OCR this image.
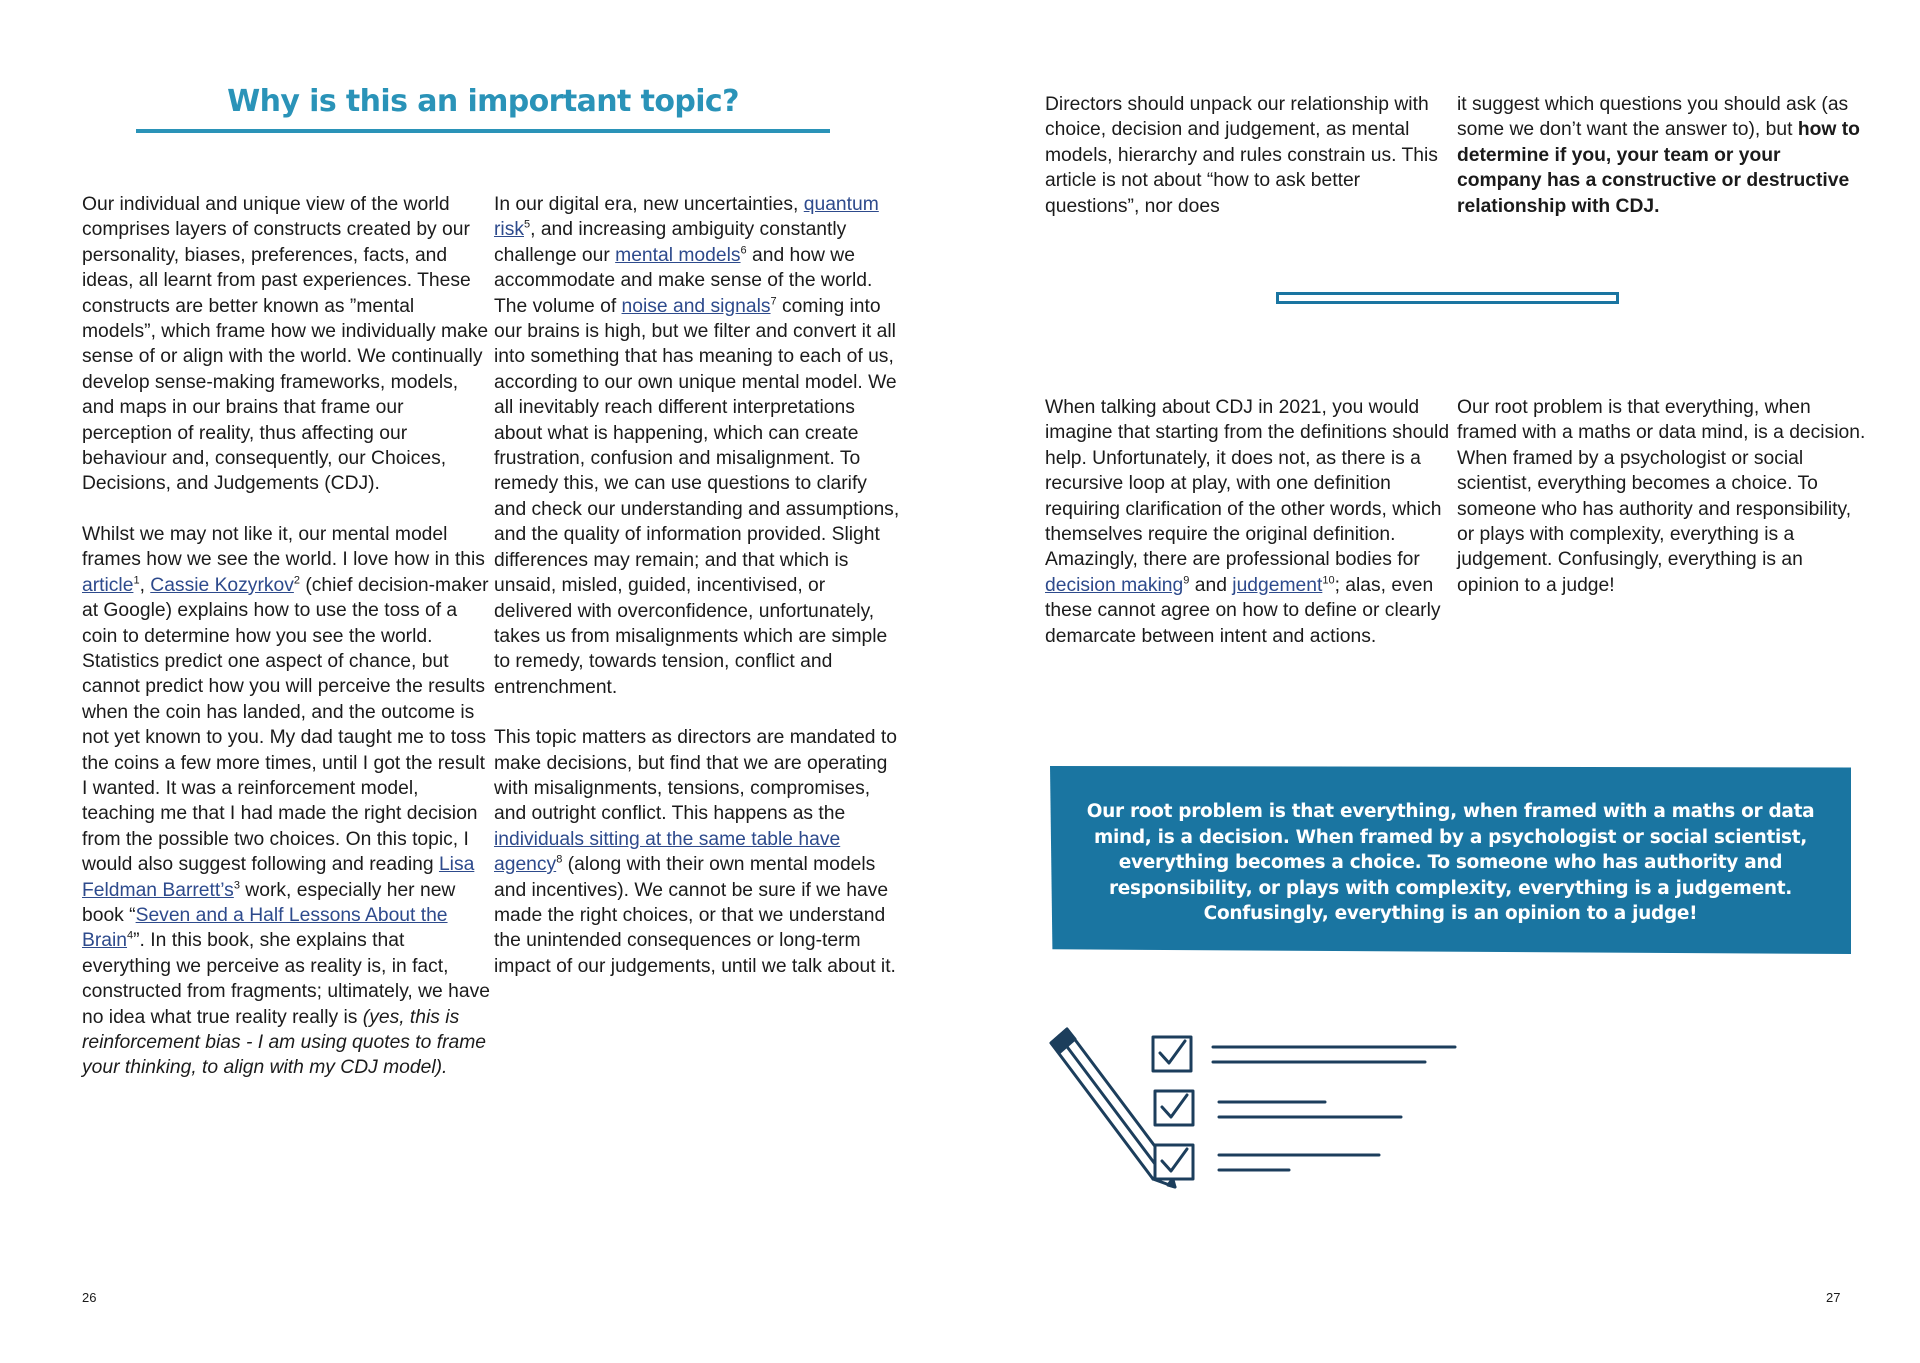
Why is this an important topic?

Our individual and unique view of the world comprises layers of constructs created by our personality, biases, preferences, facts, and ideas, all learnt from past experiences. These constructs are better known as ”mental models”, which frame how we individually make sense of or align with the world. We continually develop sense-making frameworks, models, and maps in our brains that frame our perception of reality, thus affecting our behaviour and, consequently, our Choices, Decisions, and Judgements (CDJ).

Whilst we may not like it, our mental model frames how we see the world. I love how in this article$^1$, Cassie Kozyrkov$^2$ (chief decision-maker at Google) explains how to use the toss of a coin to determine how you see the world. Statistics predict one aspect of chance, but cannot predict how you will perceive the results when the coin has landed, and the outcome is not yet known to you. My dad taught me to toss the coins a few more times, until I got the result I wanted. It was a reinforcement model, teaching me that I had made the right decision from the possible two choices. On this topic, I would also suggest following and reading Lisa Feldman $Barrett’s^3$ work, especially her new book “Seven and a Half Lessons About the Brain$^4$”. In this book, she explains that everything we perceive as reality is, in fact, constructed from fragments; ultimately, we have no idea what true reality really is (yes, this is reinforcement bias - I am using quotes to frame your thinking, to align with my CDJ model).

In our digital era, new uncertainties, quantum risk$^5$, and increasing ambiguity constantly challenge our mental models$^6$ and how we accommodate and make sense of the world. The volume of noise and signals$^7$ coming into our brains is high, but we filter and convert it all into something that has meaning to each of us, according to our own unique mental model. We all inevitably reach different interpretations about what is happening, which can create frustration, confusion and misalignment. To remedy this, we can use questions to clarify and check our understanding and assumptions, and the quality of information provided. Slight differences may remain; and that which is unsaid, misled, guided, incentivised, or delivered with overconfidence, unfortunately, takes us from misalignments which are simple to remedy, towards tension, conflict and entrenchment.

This topic matters as directors are mandated to make decisions, but find that we are operating with misalignments, tensions, compromises, and outright conflict. This happens as the individuals sitting at the same table have agency$^8$ (along with their own mental models and incentives). We cannot be sure if we have made the right choices, or that we understand the unintended consequences or long-term impact of our judgements, until we talk about it.

26

Directors should unpack our relationship with choice, decision and judgement, as mental models, hierarchy and rules constrain us. This article is not about “how to ask better questions”, nor does

it suggest which questions you should ask (as some we don’t want the answer to), but how to determine if you, your team or your company has a constructive or destructive relationship with CDJ.

When talking about CDJ in 2021, you would imagine that starting from the definitions should help. Unfortunately, it does not, as there is a recursive loop at play, with one definition requiring clarification of the other words, which themselves require the original definition. Amazingly, there are professional bodies for decision making$^9$ and judgement$^{10}$; alas, even these cannot agree on how to define or clearly demarcate between intent and actions.

Our root problem is that everything, when framed with a maths or data mind, is a decision. When framed by a psychologist or social scientist, everything becomes a choice. To someone who has authority and responsibility, or plays with complexity, everything is a judgement. Confusingly, everything is an opinion to a judge!

Our root problem is that everything, when framed with a maths or data mind, is a decision. When framed by a psychologist or social scientist, everything becomes a choice. To someone who has authority and responsibility, or plays with complexity, everything is a judgement. Confusingly, everything is an opinion to a judge!

27
